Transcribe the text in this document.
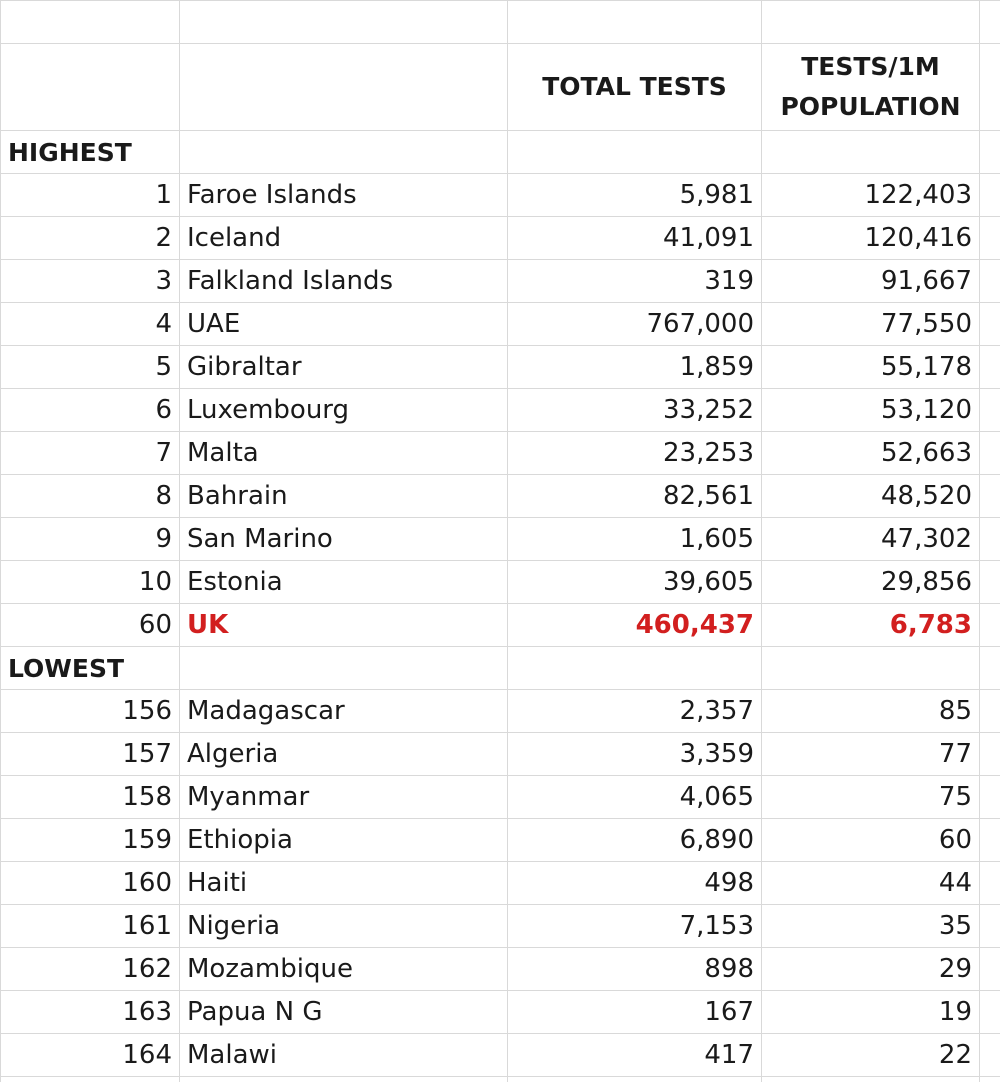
		TOTAL TESTS	TESTS/1M
POPULATION	
HIGHEST				
1	Faroe Islands	5,981	122,403	
2	Iceland	41,091	120,416	
3	Falkland Islands	319	91,667	
4	UAE	767,000	77,550	
5	Gibraltar	1,859	55,178	
6	Luxembourg	33,252	53,120	
7	Malta	23,253	52,663	
8	Bahrain	82,561	48,520	
9	San Marino	1,605	47,302	
10	Estonia	39,605	29,856	
60	UK	460,437	6,783	
LOWEST				
156	Madagascar	2,357	85	
157	Algeria	3,359	77	
158	Myanmar	4,065	75	
159	Ethiopia	6,890	60	
160	Haiti	498	44	
161	Nigeria	7,153	35	
162	Mozambique	898	29	
163	Papua N G	167	19	
164	Malawi	417	22	
